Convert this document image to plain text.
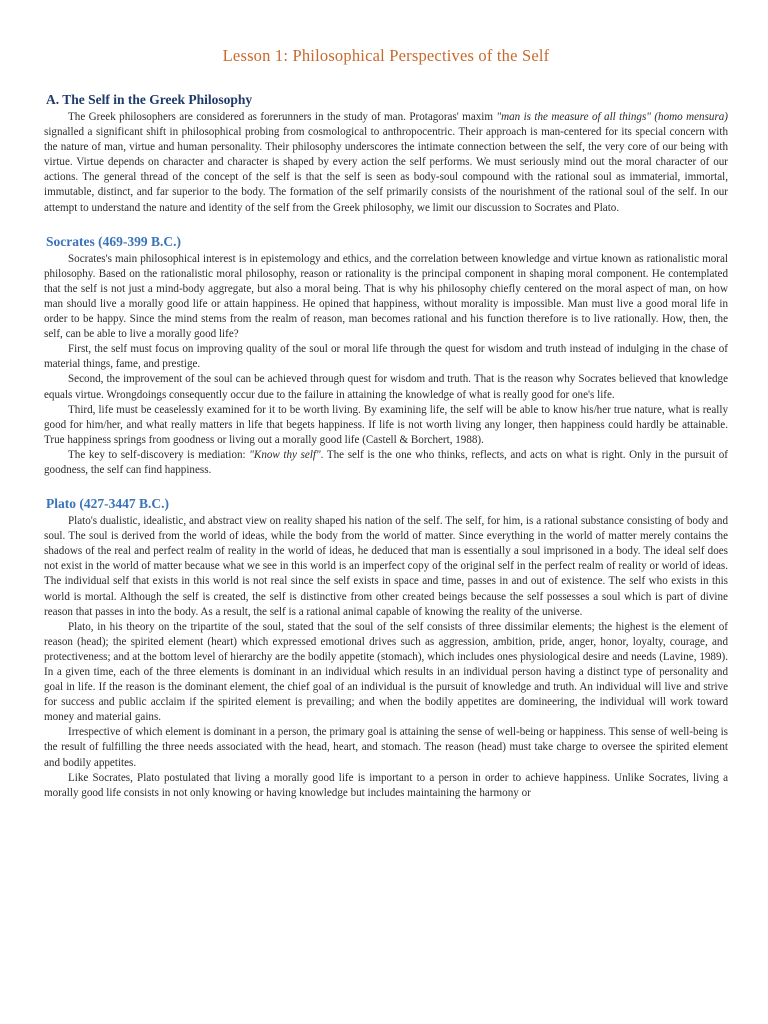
Lesson 1: Philosophical Perspectives of the Self
A. The Self in the Greek Philosophy

The Greek philosophers are considered as forerunners in the study of man. Protagoras' maxim "man is the measure of all things" (homo mensura) signalled a significant shift in philosophical probing from cosmological to anthropocentric. Their approach is man-centered for its special concern with the nature of man, virtue and human personality. Their philosophy underscores the intimate connection between the self, the very core of our being with virtue. Virtue depends on character and character is shaped by every action the self performs. We must seriously mind out the moral character of our actions. The general thread of the concept of the self is that the self is seen as body-soul compound with the rational soul as immaterial, immortal, immutable, distinct, and far superior to the body. The formation of the self primarily consists of the nourishment of the rational soul of the self. In our attempt to understand the nature and identity of the self from the Greek philosophy, we limit our discussion to Socrates and Plato.

Socrates (469-399 B.C.)

Socrates's main philosophical interest is in epistemology and ethics, and the correlation between knowledge and virtue known as rationalistic moral philosophy. Based on the rationalistic moral philosophy, reason or rationality is the principal component in shaping moral component. He contemplated that the self is not just a mind-body aggregate, but also a moral being. That is why his philosophy chiefly centered on the moral aspect of man, on how man should live a morally good life or attain happiness. He opined that happiness, without morality is impossible. Man must live a good moral life in order to be happy. Since the mind stems from the realm of reason, man becomes rational and his function therefore is to live rationally. How, then, the self, can be able to live a morally good life?

First, the self must focus on improving quality of the soul or moral life through the quest for wisdom and truth instead of indulging in the chase of material things, fame, and prestige.

Second, the improvement of the soul can be achieved through quest for wisdom and truth. That is the reason why Socrates believed that knowledge equals virtue. Wrongdoings consequently occur due to the failure in attaining the knowledge of what is really good for one's life.

Third, life must be ceaselessly examined for it to be worth living. By examining life, the self will be able to know his/her true nature, what is really good for him/her, and what really matters in life that begets happiness. If life is not worth living any longer, then happiness could hardly be attainable. True happiness springs from goodness or living out a morally good life (Castell & Borchert, 1988).

The key to self-discovery is mediation: "Know thy self". The self is the one who thinks, reflects, and acts on what is right. Only in the pursuit of goodness, the self can find happiness.

Plato (427-3447 B.C.)

Plato's dualistic, idealistic, and abstract view on reality shaped his nation of the self. The self, for him, is a rational substance consisting of body and soul. The soul is derived from the world of ideas, while the body from the world of matter. Since everything in the world of matter merely contains the shadows of the real and perfect realm of reality in the world of ideas, he deduced that man is essentially a soul imprisoned in a body. The ideal self does not exist in the world of matter because what we see in this world is an imperfect copy of the original self in the perfect realm of reality or world of ideas. The individual self that exists in this world is not real since the self exists in space and time, passes in and out of existence. The self who exists in this world is mortal. Although the self is created, the self is distinctive from other created beings because the self possesses a soul which is part of divine reason that passes in into the body. As a result, the self is a rational animal capable of knowing the reality of the universe.

Plato, in his theory on the tripartite of the soul, stated that the soul of the self consists of three dissimilar elements; the highest is the element of reason (head); the spirited element (heart) which expressed emotional drives such as aggression, ambition, pride, anger, honor, loyalty, courage, and protectiveness; and at the bottom level of hierarchy are the bodily appetite (stomach), which includes ones physiological desire and needs (Lavine, 1989). In a given time, each of the three elements is dominant in an individual which results in an individual person having a distinct type of personality and goal in life. If the reason is the dominant element, the chief goal of an individual is the pursuit of knowledge and truth. An individual will live and strive for success and public acclaim if the spirited element is prevailing; and when the bodily appetites are domineering, the individual will work toward money and material gains.

Irrespective of which element is dominant in a person, the primary goal is attaining the sense of well-being or happiness. This sense of well-being is the result of fulfilling the three needs associated with the head, heart, and stomach. The reason (head) must take charge to oversee the spirited element and bodily appetites.

Like Socrates, Plato postulated that living a morally good life is important to a person in order to achieve happiness. Unlike Socrates, living a morally good life consists in not only knowing or having knowledge but includes maintaining the harmony or
